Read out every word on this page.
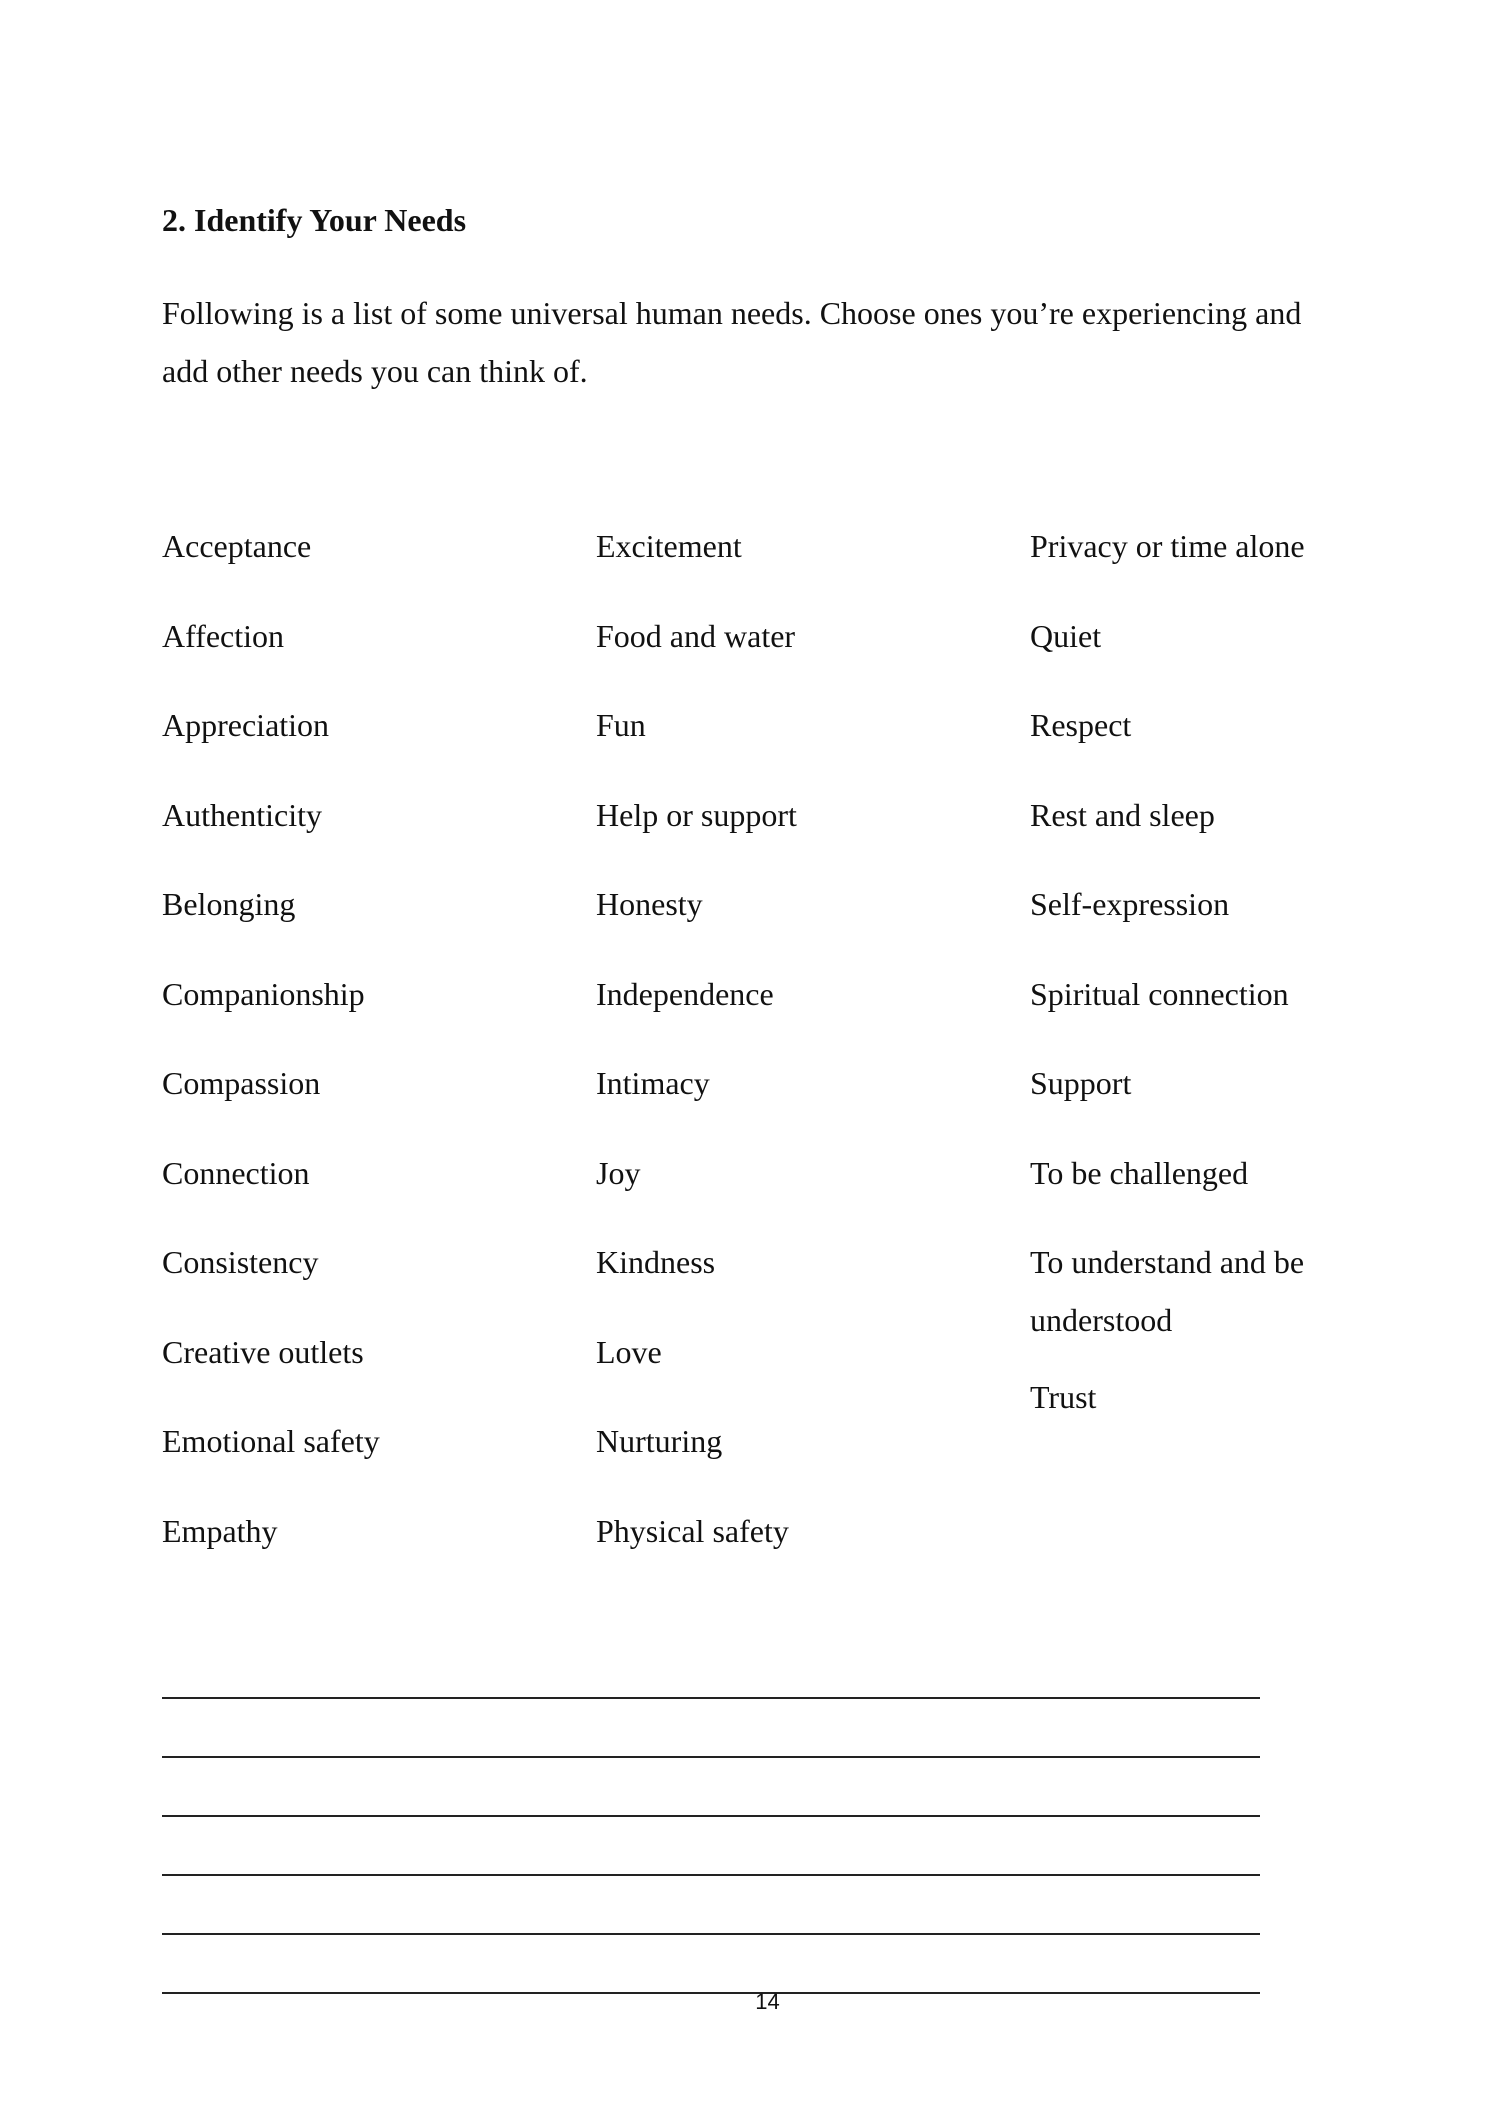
2. Identify Your Needs

Following is a list of some universal human needs. Choose ones you’re experiencing and add other needs you can think of.

Acceptance
Affection
Appreciation
Authenticity
Belonging
Companionship
Compassion
Connection
Consistency
Creative outlets
Emotional safety
Empathy
Excitement
Food and water
Fun
Help or support
Honesty
Independence
Intimacy
Joy
Kindness
Love
Nurturing
Physical safety
Privacy or time alone
Quiet
Respect
Rest and sleep
Self-expression
Spiritual connection
Support
To be challenged
To understand and be understood
Trust
14
